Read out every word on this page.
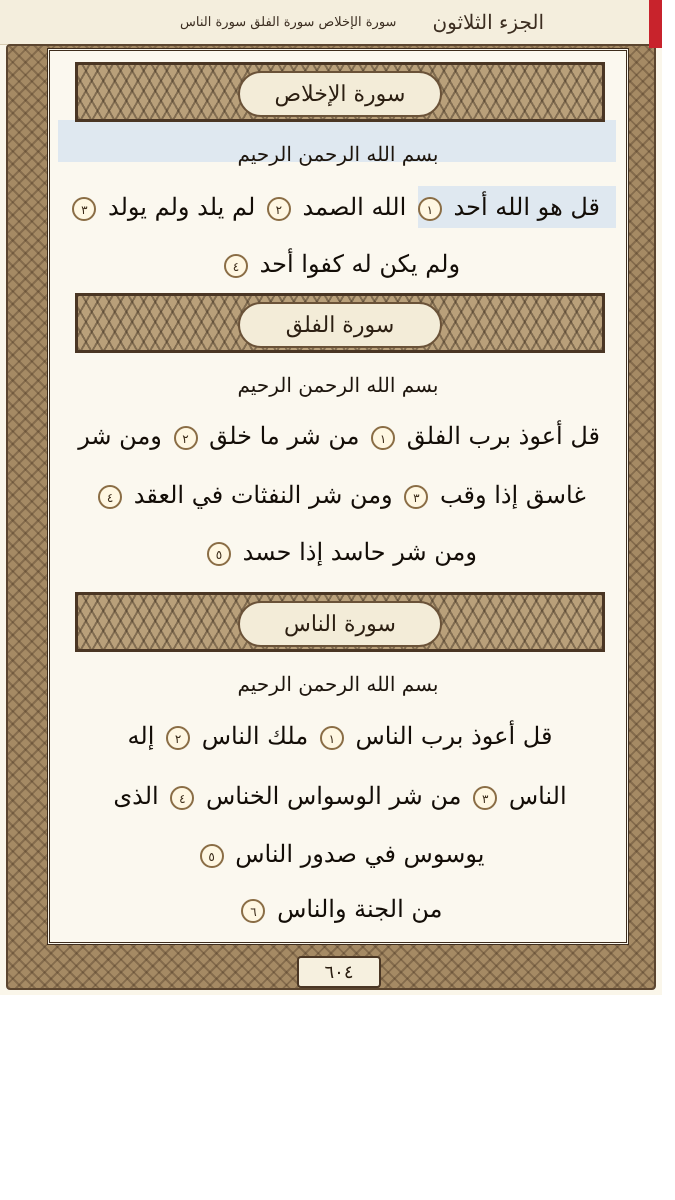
الجزء الثلاثون
سورة الإخلاص سورة الفلق سورة الناس
سورة الإخلاص
بسم الله الرحمن الرحيم
قل هو الله أحد ١ الله الصمد ٢ لم يلد ولم يولد ٣
ولم يكن له كفوا أحد ٤
سورة الفلق
بسم الله الرحمن الرحيم
قل أعوذ برب الفلق ١ من شر ما خلق ٢ ومن شر
غاسق إذا وقب ٣ ومن شر النفثات في العقد ٤
ومن شر حاسد إذا حسد ٥
سورة الناس
بسم الله الرحمن الرحيم
قل أعوذ برب الناس ١ ملك الناس ٢ إله
الناس ٣ من شر الوسواس الخناس ٤ الذى
يوسوس في صدور الناس ٥
من الجنة والناس ٦
٦٠٤
